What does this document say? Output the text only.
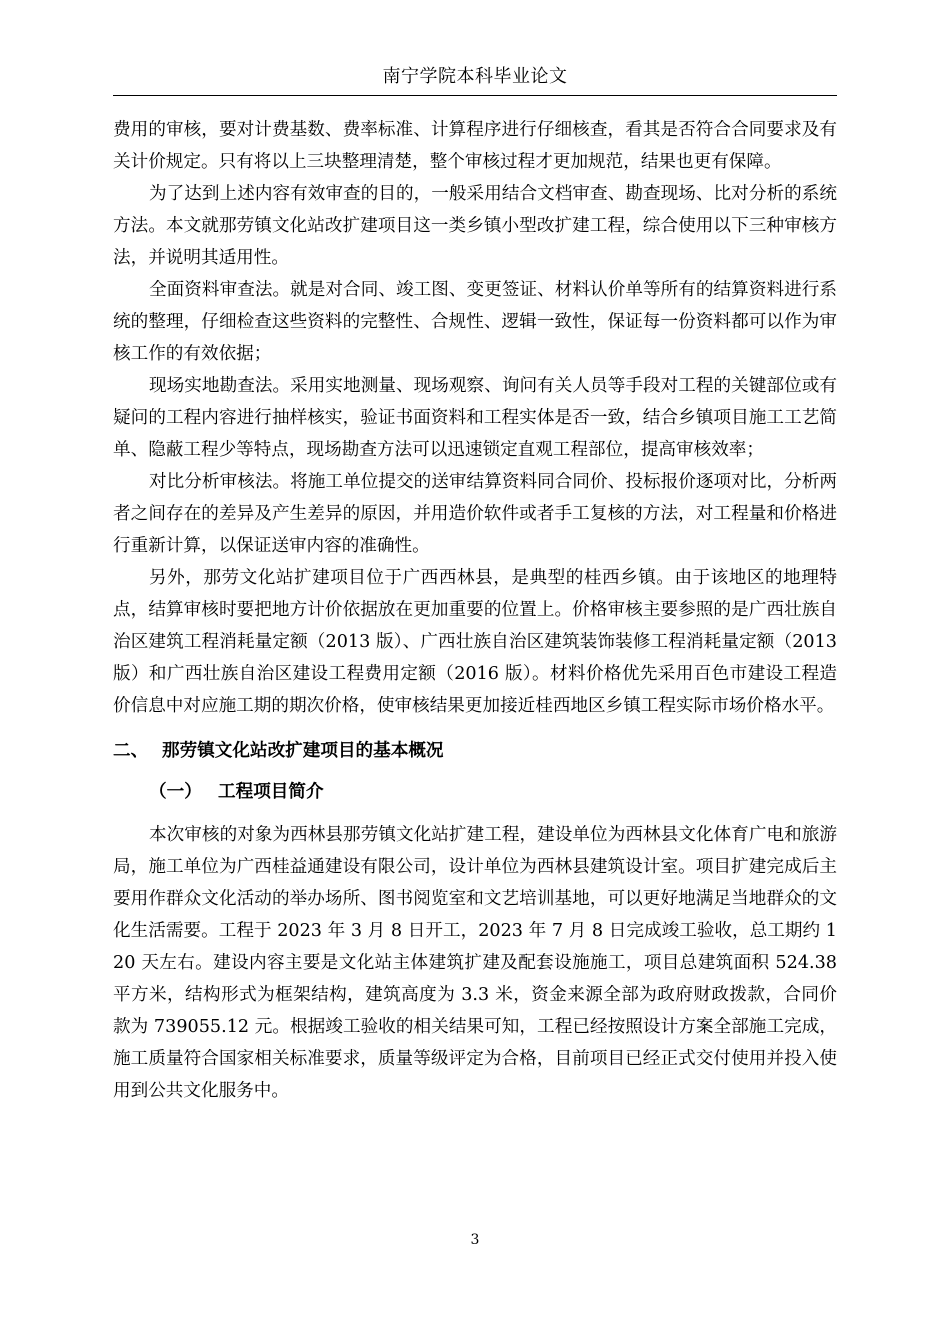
南宁学院本科毕业论文

费用的审核，要对计费基数、费率标准、计算程序进行仔细核查，看其是否符合合同要求及有关计价规定。只有将以上三块整理清楚，整个审核过程才更加规范，结果也更有保障。

为了达到上述内容有效审查的目的，一般采用结合文档审查、勘查现场、比对分析的系统方法。本文就那劳镇文化站改扩建项目这一类乡镇小型改扩建工程，综合使用以下三种审核方法，并说明其适用性。

全面资料审查法。就是对合同、竣工图、变更签证、材料认价单等所有的结算资料进行系统的整理，仔细检查这些资料的完整性、合规性、逻辑一致性，保证每一份资料都可以作为审核工作的有效依据；

现场实地勘查法。采用实地测量、现场观察、询问有关人员等手段对工程的关键部位或有疑问的工程内容进行抽样核实，验证书面资料和工程实体是否一致，结合乡镇项目施工工艺简单、隐蔽工程少等特点，现场勘查方法可以迅速锁定直观工程部位，提高审核效率；

对比分析审核法。将施工单位提交的送审结算资料同合同价、投标报价逐项对比，分析两者之间存在的差异及产生差异的原因，并用造价软件或者手工复核的方法，对工程量和价格进行重新计算，以保证送审内容的准确性。

另外，那劳文化站扩建项目位于广西西林县，是典型的桂西乡镇。由于该地区的地理特点，结算审核时要把地方计价依据放在更加重要的位置上。价格审核主要参照的是广西壮族自治区建筑工程消耗量定额（2013 版）、广西壮族自治区建筑装饰装修工程消耗量定额（2013 版）和广西壮族自治区建设工程费用定额（2016 版）。材料价格优先采用百色市建设工程造价信息中对应施工期的期次价格，使审核结果更加接近桂西地区乡镇工程实际市场价格水平。

二、 那劳镇文化站改扩建项目的基本概况
（一） 工程项目简介

本次审核的对象为西林县那劳镇文化站扩建工程，建设单位为西林县文化体育广电和旅游局，施工单位为广西桂益通建设有限公司，设计单位为西林县建筑设计室。项目扩建完成后主要用作群众文化活动的举办场所、图书阅览室和文艺培训基地，可以更好地满足当地群众的文化生活需要。工程于 2023 年 3 月 8 日开工，2023 年 7 月 8 日完成竣工验收，总工期约 120 天左右。建设内容主要是文化站主体建筑扩建及配套设施施工，项目总建筑面积 524.38 平方米，结构形式为框架结构，建筑高度为 3.3 米，资金来源全部为政府财政拨款，合同价款为 739055.12 元。根据竣工验收的相关结果可知，工程已经按照设计方案全部施工完成，施工质量符合国家相关标准要求，质量等级评定为合格，目前项目已经正式交付使用并投入使用到公共文化服务中。

3
